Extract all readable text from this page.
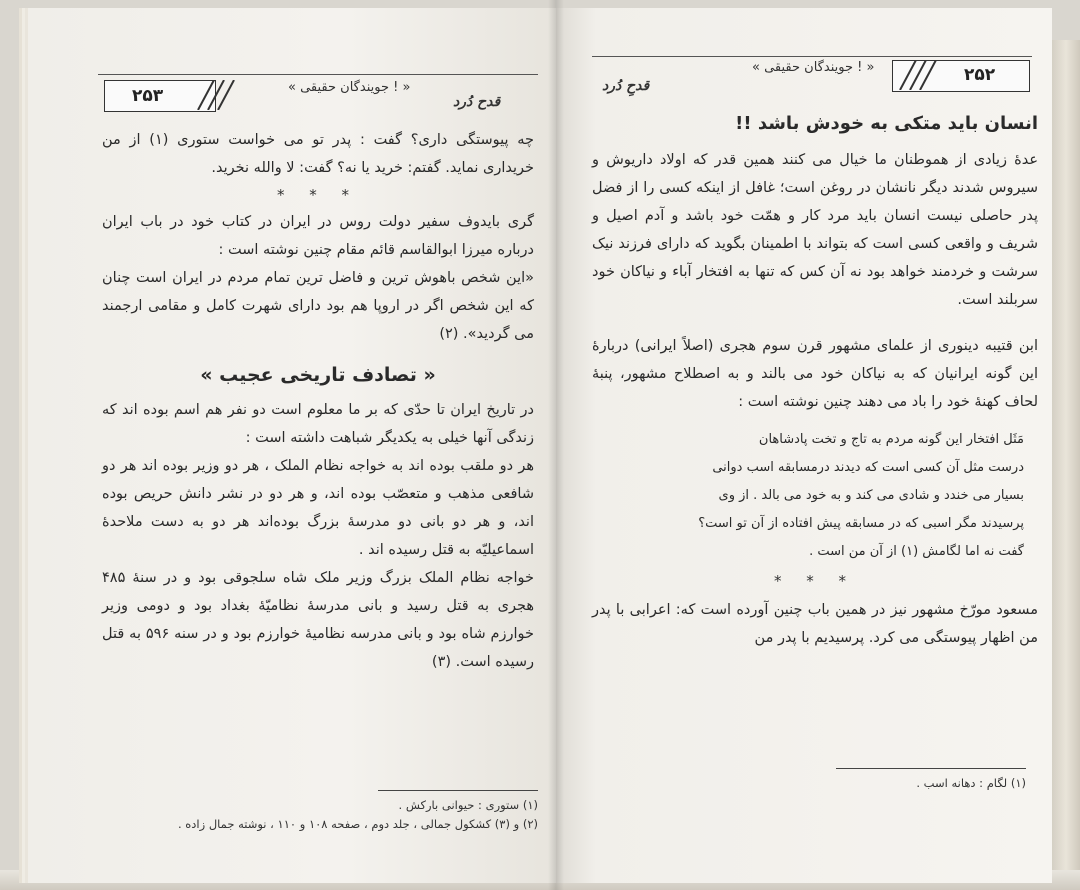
۲۵۳	« جویندگان حقیقی ! »
قدح دُرد

چه پیوستگی داری؟ گفت : پدر تو می خواست ستوری (۱) از من خریداری نماید. گفتم: خرید یا نه؟ گفت: لا والله نخرید.

* * *

گری بایدوف سفیر دولت روس در ایران در کتاب خود در باب ایران درباره میرزا ابوالقاسم قائم مقام چنین نوشته است :

«این شخص باهوش ترین و فاضل ترین تمام مردم در ایران است چنان که این شخص اگر در اروپا هم بود دارای شهرت کامل و مقامی ارجمند می گردید». (۲)

« تصادف تاریخی عجیب »

در تاریخ ایران تا حدّی که بر ما معلوم است دو نفر هم اسم بوده اند که زندگی آنها خیلی به یکدیگر شباهت داشته است :

هر دو ملقب بوده اند به خواجه نظام الملک ، هر دو وزیر بوده اند هر دو شافعی مذهب و متعصّب بوده اند، و هر دو در نشر دانش حریص بوده اند، و هر دو بانی دو مدرسهٔ بزرگ بوده‌اند هر دو به دست ملاحدهٔ اسماعیلیّه به قتل رسیده اند .

خواجه نظام الملک بزرگ وزیر ملک شاه سلجوقی بود و در سنهٔ ۴۸۵ هجری به قتل رسید و بانی مدرسهٔ نظامیّهٔ بغداد بود و دومی وزیر خوارزم شاه بود و بانی مدرسه نظامیهٔ خوارزم بود و در سنه ۵۹۶ به قتل رسیده است. (۳)

(۱) ستوری : حیوانی بارکش .
(۲) و (۳) کشکول جمالی ، جلد دوم ، صفحه ۱۰۸ و ۱۱۰ ، نوشته جمال زاده .
۲۵۲
« جویندگان حقیقی ! »
قدحِ دُرد
انسان باید متکی به خودش باشد !!

عدهٔ زیادی از هموطنان ما خیال می کنند همین قدر که اولاد داریوش و سیروس شدند دیگر نانشان در روغن است؛ غافل از اینکه کسی را از فضل پدر حاصلی نیست انسان باید مرد کار و همّت خود باشد و آدم اصیل و شریف و واقعی کسی است که بتواند با اطمینان بگوید که دارای فرزند نیک سرشت و خردمند خواهد بود نه آن کس که تنها به افتخار آباء و نیاکان خود سربلند است.

ابن قتیبه دینوری از علمای مشهور قرن سوم هجری (اصلاً ایرانی) دربارهٔ این گونه ایرانیان که به نیاکان خود می بالند و به اصطلاح مشهور، پنبهٔ لحاف کهنهٔ خود را باد می دهند چنین نوشته است :

مَثَل افتخار این گونه مردم به تاج و تخت پادشاهان
درست مثل آن کسی است که دیدند درمسابقه اسب دوانی
بسیار می خندد و شادی می کند و به خود می بالد . از وی
پرسیدند مگر اسبی که در مسابقه پیش افتاده از آن تو است؟
گفت نه اما لگامش (۱) از آن من است .
* * *

مسعود مورّخ مشهور نیز در همین باب چنین آورده است که: اعرابی با پدر من اظهار پیوستگی می کرد. پرسیدیم با پدر من

(۱) لگام : دهانه اسب .
